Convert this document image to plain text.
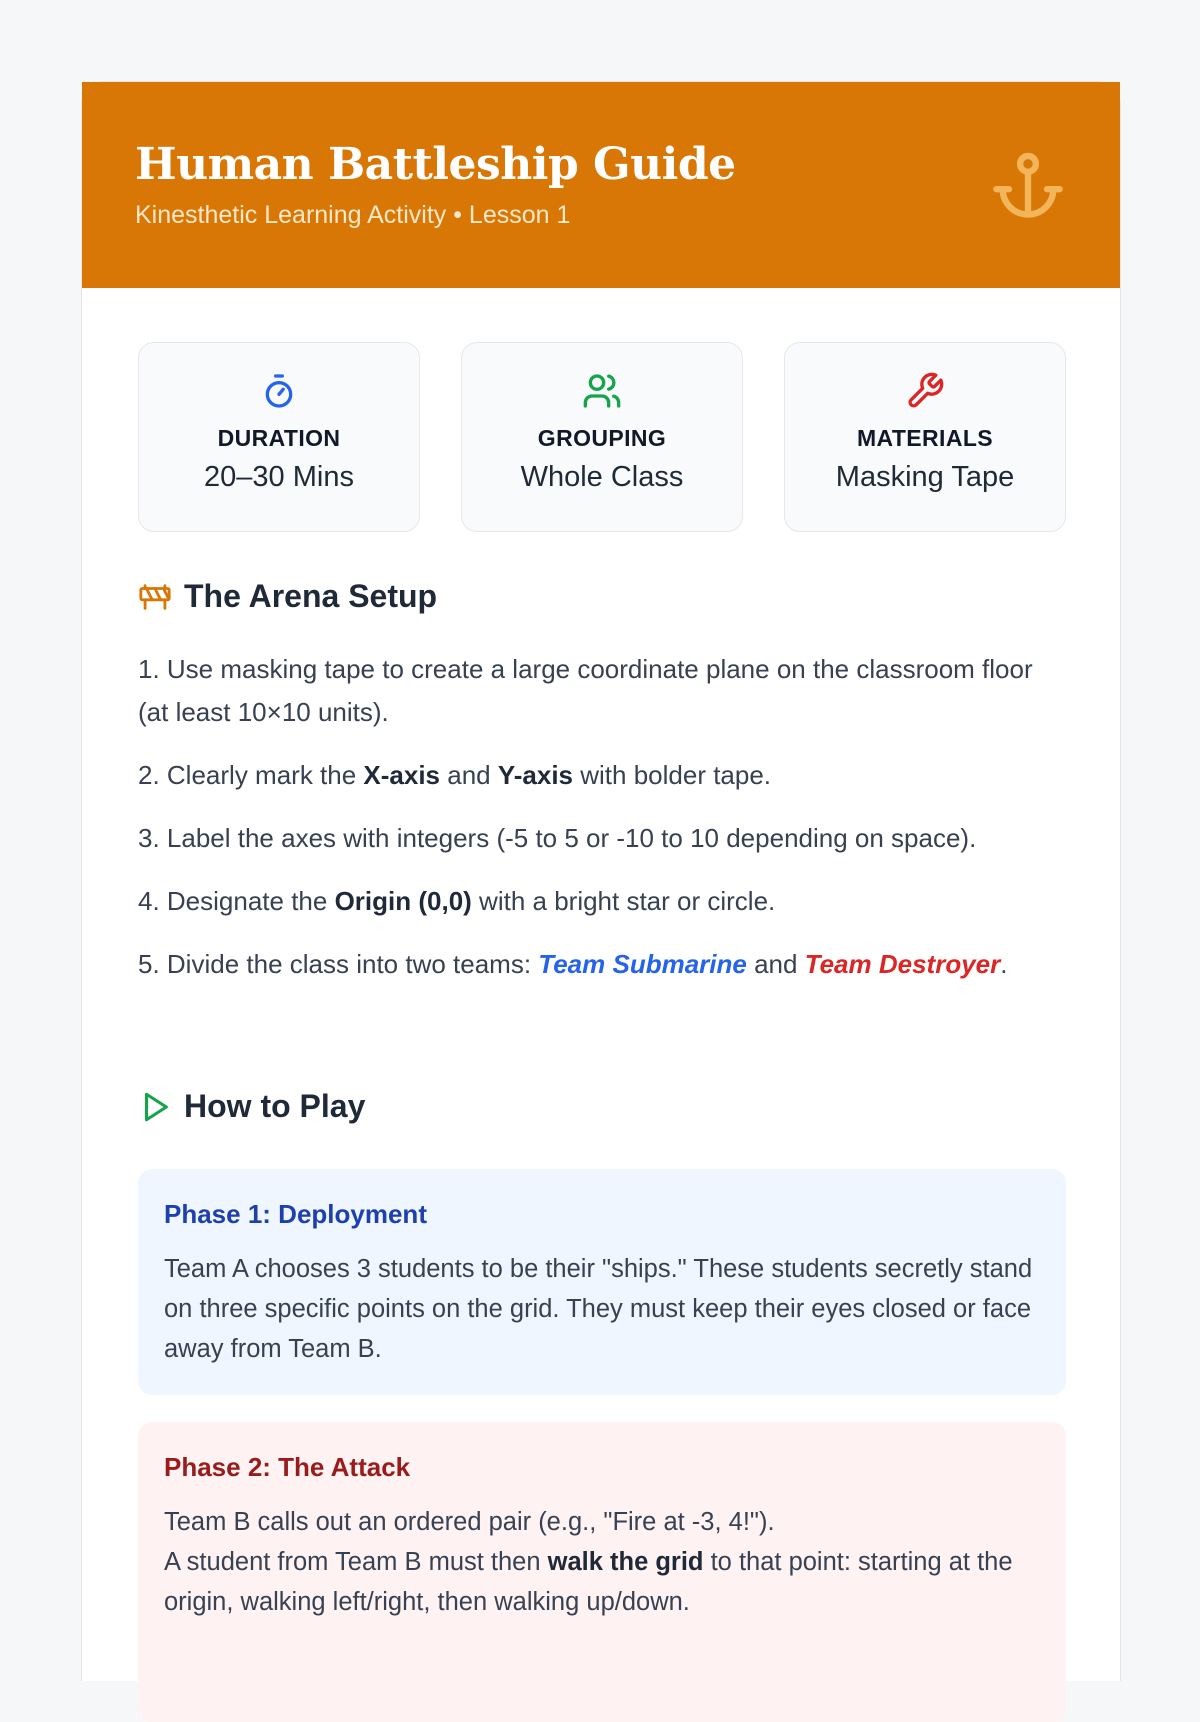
Human Battleship Guide
Kinesthetic Learning Activity • Lesson 1
DURATION
20–30 Mins
GROUPING
Whole Class
MATERIALS
Masking Tape
The Arena Setup

1. Use masking tape to create a large coordinate plane on the classroom floor (at least 10×10 units).

2. Clearly mark the X-axis and Y-axis with bolder tape.

3. Label the axes with integers (-5 to 5 or -10 to 10 depending on space).

4. Designate the Origin (0,0) with a bright star or circle.

5. Divide the class into two teams: Team Submarine and Team Destroyer.

How to Play
Phase 1: Deployment

Team A chooses 3 students to be their "ships." These students secretly stand on three specific points on the grid. They must keep their eyes closed or face away from Team B.

Phase 2: The Attack

Team B calls out an ordered pair (e.g., "Fire at -3, 4!").

A student from Team B must then walk the grid to that point: starting at the origin, walking left/right, then walking up/down.
